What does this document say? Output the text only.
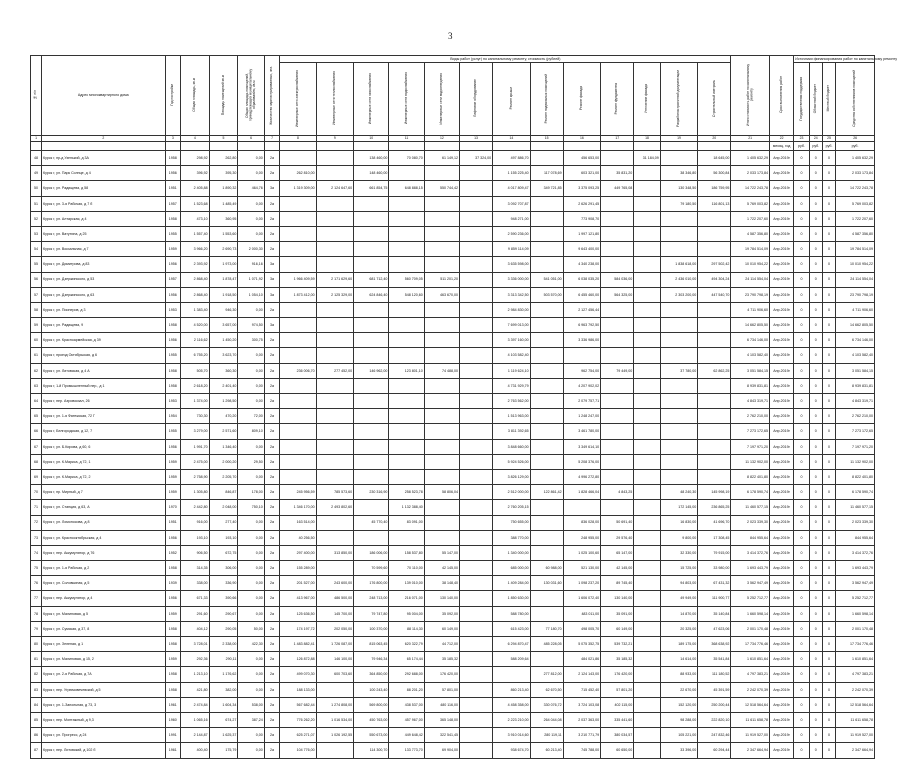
3
№ п/п	Адрес многоквартирного дома	Год постройки	Общая площадь, кв.м	Площадь помещений кв.м	Общая площадь помещений, принадлежащих муниципальному образованию, кв.м	Количество зарегистрированных, чел.	Виды работ (услуг) по капитальному ремонту, стоимость (рублей)													Итого стоимость работ по капитальному ремонту	Срок выполнения работ	Источники финансирования работ по капитальному ремонту			
							Инженерные сети электроснабжения	Инженерные сети теплоснабжения	Инженерные сети газоснабжения	Инженерные сети водоснабжения	Инженерные сети водоотведения	Лифтовое оборудование	Ремонт крыши	Ремонт подвальных помещений	Ремонт фасада	Ремонт фундамента	Утепление фасада	Разработка проектной документации	Строительный контроль			Государственная поддержка	Областной бюджет	Местный бюджет	Средства собственников помещений
1	2	3	4	5	6	7	8	9	10	11	12	13	14	15	16	17	18	19	20	21	22	23	24	25	26
																					месяц, год	руб.	руб.	руб.	руб.
48	Курск г, пр-д Узенький, д 3А	1958	298,92	262,80	0,00	2а			138 460,00	70 080,70	61 149,12	37 324,00	497 886,70		456 653,00		31 184,09		18 645,00	1 405 632,29	Апр.2019г	0	0	0	1 405 632,29
49	Курск г, ул. Парк Солнце, д 4	1956	396,92	395,30	0,00	2а	262 810,00		148 460,00				1 155 225,40	117 078,69	603 321,00	35 831,20		38 346,80	56 300,84	2 033 173,84	Апр.2019г	0	0	0	2 033 173,84
50	Курск г, ул. Радищева, д 58	1951	2 405,88	1 890,32	464,76	3а	1 319 309,00	2 124 647,60	661 854,75	648 888,15	550 744,42		4 017 809,47	349 721,85	3 375 093,25	449 765,08		130 348,50	186 759,95	14 722 243,78	Апр.2019г	0	0	0	14 722 243,78
51	Курск г, ул. 3-я Рабочая, д 7 б	1957	1 523,68	1 485,49	0,00	2а							3 092 707,87		2 626 291,45			79 180,50	116 801,13	5 769 003,82	Апр.2019г	0	0	0	5 769 003,82
52	Курск г, ул. Алтарская, д 4	1958	473,10	360,95	0,00	2а							948 271,00		773 908,70					1 722 207,60	Апр.2019г	0	0	0	1 722 207,60
53	Курск г, ул. Ватутина, д 25	1955	1 557,40	1 553,60	0,00	2а							2 590 236,00		1 997 121,80					4 587 356,80	Апр.2019г	0	0	0	4 587 356,80
54	Курск г, ул. Вокзальная, д 7	1959	3 966,20	2 690,73	2 000,30	2а							9 859 114,09		9 643 400,00					19 784 514,09	Апр.2019г	0	0	0	19 784 514,09
55	Курск г, ул. Димитрова, д 83	1956	2 393,92	1 973,00	916,16	3а							3 635 598,00		4 340 238,00			1 838 618,00	297 502,42	10 010 954,22	Апр.2019г	0	0	0	10 010 954,22
56	Курск г, ул. Дзержинского, д 53	1957	2 868,40	1 878,47	1 071,92	3а	1 966 409,59	2 171 629,60	681 712,40	560 709,05	511 201,20		3 336 000,00	541 051,00	6 038 035,20	584 036,00		2 436 010,00	494 304,24	24 114 554,04	Апр.2019г	0	0	0	24 114 554,04
57	Курск г, ул. Дзержинского, д 63	1956	2 868,40	1 918,50	1 054,10	3а	1 873 412,00	2 125 329,00	624 846,40	548 120,60	463 670,00		3 313 342,50	503 570,00	6 455 460,00	564 325,00		2 303 200,00	447 540,70	23 790 798,19	Апр.2019г	0	0	0	23 790 798,19
58	Курск г, ул. Пионеров, д 3	1953	1 383,40	946,30	0,00	2а							2 984 830,00		2 127 456,44					4 711 906,60	Апр.2019г	0	0	0	4 711 906,60
59	Курск г, ул. Радищева, 9	1958	4 520,00	3 657,00	974,50	3а							7 699 013,00		6 963 792,50					14 662 805,50	Апр.2019г	0	0	0	14 662 805,50
60	Курск г, ул. Красноармейская, д 39	1956	2 116,62	1 450,20	300,75	2а							3 397 160,00		3 336 986,00					6 734 146,00	Апр.2019г	0	0	0	6 734 146,00
61	Курск г, проезд Октябрьская, д 6	1955	6 755,20	3 623,70	0,00	2а							4 103 582,40							4 103 582,40	Апр.2019г	0	0	0	4 103 582,40
62	Курск г, ул. Литовская, д 4 А	1958	505,70	360,30	0,00	2а	236 006,70	277 452,00	146 962,00	123 801,10	74 488,00		1 119 624,10		962 754,00	79 449,00		37 780,00	62 862,25	3 051 584,15	Апр.2019г	0	0	0	3 051 584,15
63	Курск г, 1-й Промышленный пер., д 1	1958	2 618,20	2 401,40	0,00	2а							4 731 929,79		4 207 902,02					8 939 831,81	Апр.2019г	0	0	0	8 939 831,81
64	Курск г, пер. Аэровокзал, 26	1953	1 374,00	1 298,50	0,00	2а							2 763 562,00		2 079 757,71					4 843 319,71	Апр.2019г	0	0	0	4 843 319,71
65	Курск г, ул. 1-я Фатежская, 72 Г	1954	730,30	470,20	72,00	2а							1 513 963,00		1 248 247,00					2 762 210,00	Апр.2019г	0	0	0	2 762 210,00
66	Курск г, Белгородская, д 12, 7	1955	3 279,00	2 571,60	809,10	2а							3 811 392,65		3 461 780,00					7 273 172,65	Апр.2019г	0	0	0	7 273 172,65
67	Курск г, ул. Б.Кирова, д 60, 6	1956	1 991,70	1 346,40	0,00	2а							3 848 660,00		3 349 614,10					7 197 971,20	Апр.2019г	0	0	0	7 197 971,20
68	Курск г, ул. К.Маркса, д 72, 1	1959	2 475,00	2 000,20	29,50	2а							5 924 526,00		5 208 376,00					11 132 902,00	Апр.2019г	0	0	0	11 132 902,00
69	Курск г, ул. К.Маркса, д 72, 2	1959	2 758,90	2 205,70	0,00	2а							3 826 129,00		4 996 272,80					8 822 401,80	Апр.2019г	0	0	0	8 822 401,80
70	Курск г, пр. Мирный, д 7	1959	1 305,80	846,87	178,00	2а	245 956,59	785 573,60	230 316,90	258 523,78	58 806,04		2 512 000,00	122 861,42	1 828 466,04	4 843,25		48 240,30	145 998,19	6 178 590,74	Апр.2019г	0	0	0	6 178 590,74
71	Курск г, ул. Станция, д 63, А	1970	2 442,80	2 048,00	750,10	2а	1 346 170,00	2 493 802,60		1 132 388,40			2 760 205,15					172 145,00	236 865,25	11 460 577,15	Апр.2019г	0	0	0	11 460 577,15
72	Курск г, ул. Ломоносова, д 8	1951	916,00	277,40	0,00	2а	163 514,00		45 770,40	83 091,00			750 655,00		836 028,00	50 691,40		16 830,00	41 696,70	2 023 339,30	Апр.2019г	0	0	0	2 023 339,30
73	Курск г, ул. Краснооктябрьская, д 4	1956	193,10	193,10	0,00	2а	40 256,50						388 770,00		248 955,00	29 576,40		9 800,00	17 308,45	844 955,64	Апр.2019г	0	0	0	844 955,64
74	Курск г, пер. Аккумулятор, д 76	1952	906,50	672,75	0,00	2а	297 400,00	313 850,00	186 006,00	158 537,80	55 147,00		1 340 000,00		1 025 100,60	65 147,00		32 330,00	79 915,00	3 414 372,76	Апр.2019г	0	0	0	3 414 372,76
75	Курск г, ул. 1-я Рабочая, д 2	1958	314,35	306,00	0,00	2а	155 289,00		70 599,60	70 110,00	42 145,00		685 000,00	60 988,00	521 130,00	42 145,00		15 725,00	33 980,00	1 693 443,79	Апр.2019г	0	0	0	1 693 443,79
76	Курск г, ул. Соловьиная, д 5	1939	338,00	336,90	0,00	2а	201 527,00	243 600,00	176 800,00	139 010,00	38 148,40		1 409 284,00	130 031,60	1 098 237,20	89 745,40		94 803,00	67 431,32	3 562 947,49	Апр.2019г	0	0	0	3 562 947,49
77	Курск г, пер. Аккумулятор, д 4	1956	671,33	390,66	0,00	2а	413 967,00	486 500,00	248 713,00	216 071,00	130 140,00		1 850 630,00		1 606 072,40	130 140,00		49 949,00	111 900,77	5 252 712,77	Апр.2019г	0	0	0	5 252 712,77
78	Курск г, ул. Малиновая, д 5	1959	291,60	290,67	0,00	2а	125 636,50	145 700,00	79 747,80	95 004,00	35 092,00		588 780,00		483 011,00	35 091,00		14 870,00	35 140,84	1 660 598,14	Апр.2019г	0	0	0	1 660 598,14
79	Курск г, ул. Сумская, д 37, 8	1958	404,12	290,05	50,00	2а	174 197,72	202 050,00	100 370,00	88 114,30	60 149,00		615 423,00	77 180,70	498 005,70	60 149,00		20 325,00	47 623,06	2 001 170,48	Апр.2019г	0	0	0	2 001 170,48
80	Курск г, ул. Зеленая, д 1	1958	3 728,01	2 338,00	422,30	2а	1 483 882,41	1 726 087,00	815 063,45	620 322,79	44 712,00		6 294 870,47	485 228,05	5 075 352,75	539 732,21		189 175,00	368 638,92	17 734 776,46	Апр.2019г	0	0	0	17 734 776,46
81	Курск г, ул. Малиновая, д 15, 2	1959	292,36	290,11	0,00	2а	126 872,88	146 100,00	79 946,34	65 174,44	35 185,32		588 209,64		484 021,86	35 185,32		14 614,00	35 541,84	1 610 851,64	Апр.2019г	0	0	0	1 610 851,64
82	Курск г, ул. 2-я Рабочая, д 7А	1958	1 213,10	1 176,62	0,00	2а	499 070,30	600 703,60	364 850,00	292 688,00	176 420,00			277 812,00	2 124 143,00	176 420,00		88 933,00	111 180,52	4 797 383,21	Апр.2019г	0	0	0	4 797 383,21
83	Курск г, пер. Угрюмовечевский, д 5	1958	421,80	382,00	0,00	2а	188 133,00		100 243,40	88 201,20	57 801,00		860 213,40	62 670,50	715 452,40	57 801,20		22 670,00	45 391,59	2 242 070,39	Апр.2019г	0	0	0	2 242 070,39
84	Курск г, ул. 1-Запольная, д 73, 3	1961	2 474,84	1 604,34	538,00	2а	567 682,44	1 274 808,00	569 800,00	438 537,00	480 116,00		4 458 358,00	330 076,72	3 724 103,08	402 115,00		152 120,00	250 200,44	12 518 564,64	Апр.2019г	0	0	0	12 518 564,64
85	Курск г, пер. Монтажный, д 9,3	1960	1 065,16	674,27	387,24	2а	776 262,20	1 016 534,00	450 763,00	457 967,00	365 148,00		2 223 210,00	264 044,08	2 037 363,00	335 441,60		98 288,00	222 820,10	11 611 658,78	Апр.2019г	0	0	0	11 611 658,78
86	Курск г, ул. Прогресс, д 24	1991	2 144,87	1 625,37	0,00	2а	625 271,07	1 026 192,55	550 673,00	449 648,42	322 541,45		3 910 014,60	280 119,11	3 210 771,79	380 034,57		105 221,00	247 832,46	11 919 527,00	Апр.2019г	0	0	0	11 919 527,00
87	Курск г, пер. Литовский, д 102 б	1961	400,40	175,79	0,00	2а	104 776,00		114 300,70	133 773,70	69 904,00		938 674,70	60 213,40	745 788,00	60 650,00		33 396,00	60 294,44	2 347 664,94	Апр.2019г	0	0	0	2 347 664,94
